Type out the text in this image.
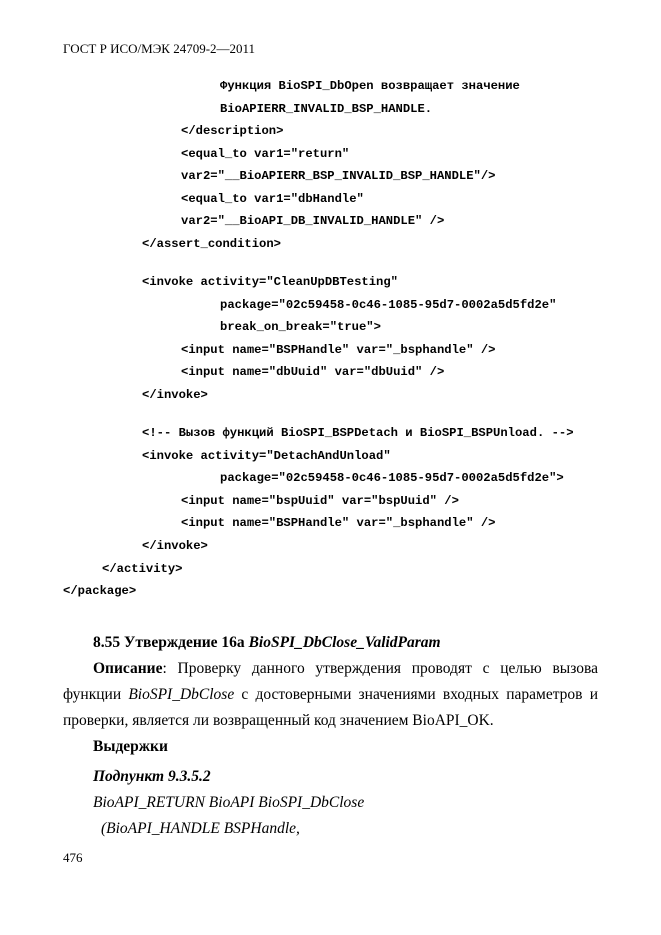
ГОСТ Р ИСО/МЭК 24709-2—2011
Функция BioSPI_DbOpen возвращает значение
BioAPIERR_INVALID_BSP_HANDLE.
</description>
<equal_to var1="return"
var2="__BioAPIERR_BSP_INVALID_BSP_HANDLE"/>
<equal_to var1="dbHandle"
var2="__BioAPI_DB_INVALID_HANDLE" />
</assert_condition>
<invoke activity="CleanUpDBTesting"
package="02c59458-0c46-1085-95d7-0002a5d5fd2e"
break_on_break="true">
<input name="BSPHandle" var="_bsphandle" />
<input name="dbUuid" var="dbUuid" />
</invoke>
<!-- Вызов функций BioSPI_BSPDetach и BioSPI_BSPUnload. -->
<invoke activity="DetachAndUnload"
package="02c59458-0c46-1085-95d7-0002a5d5fd2e">
<input name="bspUuid" var="bspUuid" />
<input name="BSPHandle" var="_bsphandle" />
</invoke>
</activity>
</package>
8.55 Утверждение 16а BioSPI_DbClose_ValidParam
Описание: Проверку данного утверждения проводят с целью вызова функции BioSPI_DbClose с достоверными значениями входных параметров и проверки, является ли возвращенный код значением BioAPI_OK.
Выдержки
Подпункт 9.3.5.2
BioAPI_RETURN BioAPI BioSPI_DbClose
(BioAPI_HANDLE BSPHandle,
476
